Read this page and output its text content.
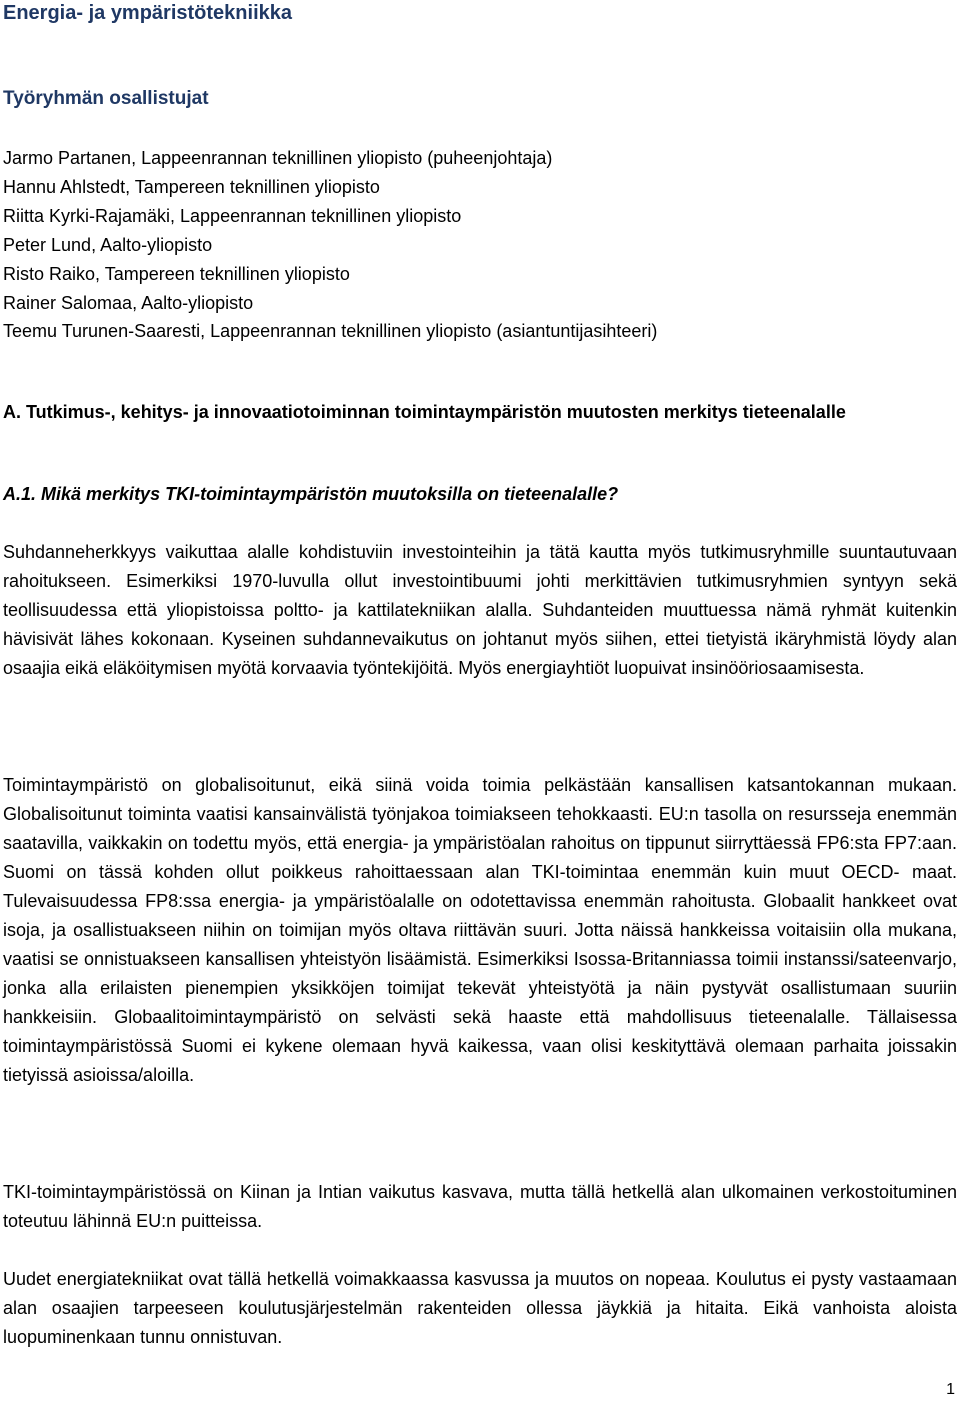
Energia- ja ympäristötekniikka
Työryhmän osallistujat
Jarmo Partanen, Lappeenrannan teknillinen yliopisto (puheenjohtaja)
Hannu Ahlstedt, Tampereen teknillinen yliopisto
Riitta Kyrki-Rajamäki, Lappeenrannan teknillinen yliopisto
Peter Lund, Aalto-yliopisto
Risto Raiko, Tampereen teknillinen yliopisto
Rainer Salomaa, Aalto-yliopisto
Teemu Turunen-Saaresti, Lappeenrannan teknillinen yliopisto (asiantuntijasihteeri)
A. Tutkimus-, kehitys- ja innovaatiotoiminnan toimintaympäristön muutosten merkitys tieteenalalle
A.1. Mikä merkitys TKI-toimintaympäristön muutoksilla on tieteenalalle?

Suhdanneherkkyys vaikuttaa alalle kohdistuviin investointeihin ja tätä kautta myös tutkimusryhmille suuntautuvaan rahoitukseen. Esimerkiksi 1970-luvulla ollut investointibuumi johti merkittävien tutkimusryhmien syntyyn sekä teollisuudessa että yliopistoissa poltto- ja kattilatekniikan alalla. Suhdanteiden muuttuessa nämä ryhmät kuitenkin hävisivät lähes kokonaan. Kyseinen suhdannevaikutus on johtanut myös siihen, ettei tietyistä ikäryhmistä löydy alan osaajia eikä eläköitymisen myötä korvaavia työntekijöitä. Myös energiayhtiöt luopuivat insinööriosaamisesta.

Toimintaympäristö on globalisoitunut, eikä siinä voida toimia pelkästään kansallisen katsantokannan mukaan. Globalisoitunut toiminta vaatisi kansainvälistä työnjakoa toimiakseen tehokkaasti. EU:n tasolla on resursseja enemmän saatavilla, vaikkakin on todettu myös, että energia- ja ympäristöalan rahoitus on tippunut siirryttäessä FP6:sta FP7:aan. Suomi on tässä kohden ollut poikkeus rahoittaessaan alan TKI-toimintaa enemmän kuin muut OECD- maat. Tulevaisuudessa FP8:ssa energia- ja ympäristöalalle on odotettavissa enemmän rahoitusta. Globaalit hankkeet ovat isoja, ja osallistuakseen niihin on toimijan myös oltava riittävän suuri. Jotta näissä hankkeissa voitaisiin olla mukana, vaatisi se onnistuakseen kansallisen yhteistyön lisäämistä. Esimerkiksi Isossa-Britanniassa toimii instanssi/sateenvarjo, jonka alla erilaisten pienempien yksikköjen toimijat tekevät yhteistyötä ja näin pystyvät osallistumaan suuriin hankkeisiin. Globaalitoimintaympäristö on selvästi sekä haaste että mahdollisuus tieteenalalle. Tällaisessa toimintaympäristössä Suomi ei kykene olemaan hyvä kaikessa, vaan olisi keskityttävä olemaan parhaita joissakin tietyissä asioissa/aloilla.

TKI-toimintaympäristössä on Kiinan ja Intian vaikutus kasvava, mutta tällä hetkellä alan ulkomainen verkostoituminen toteutuu lähinnä EU:n puitteissa.

Uudet energiatekniikat ovat tällä hetkellä voimakkaassa kasvussa ja muutos on nopeaa. Koulutus ei pysty vastaamaan alan osaajien tarpeeseen koulutusjärjestelmän rakenteiden ollessa jäykkiä ja hitaita. Eikä vanhoista aloista luopuminenkaan tunnu onnistuvan.

1
